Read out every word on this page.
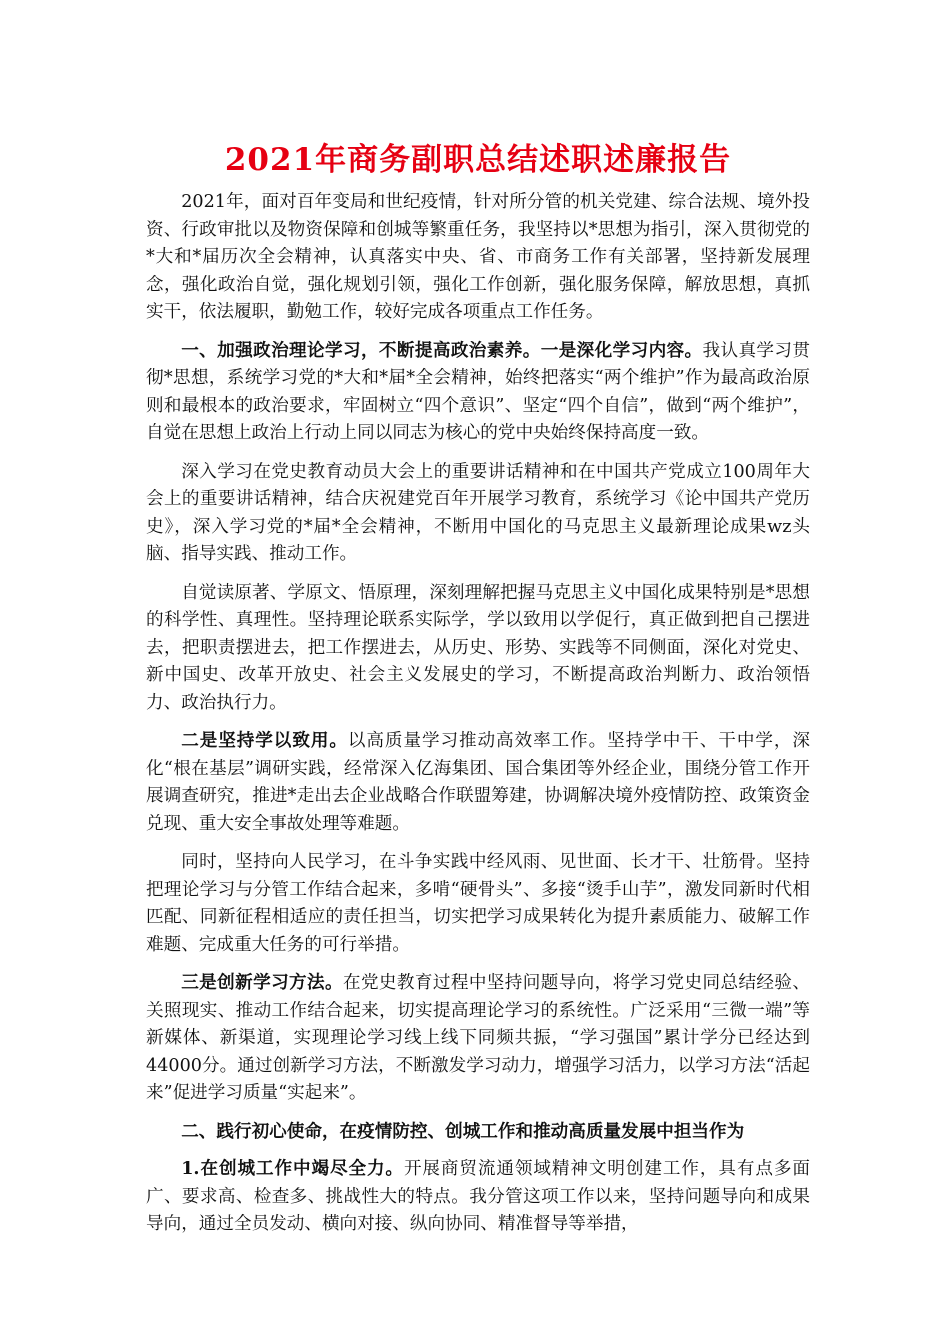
2021年商务副职总结述职述廉报告

2021年，面对百年变局和世纪疫情，针对所分管的机关党建、综合法规、境外投资、行政审批以及物资保障和创城等繁重任务，我坚持以*思想为指引，深入贯彻党的*大和*届历次全会精神，认真落实中央、省、市商务工作有关部署，坚持新发展理念，强化政治自觉，强化规划引领，强化工作创新，强化服务保障，解放思想，真抓实干，依法履职，勤勉工作，较好完成各项重点工作任务。

一、加强政治理论学习，不断提高政治素养。一是深化学习内容。我认真学习贯彻*思想，系统学习党的*大和*届*全会精神，始终把落实“两个维护”作为最高政治原则和最根本的政治要求，牢固树立“四个意识”、坚定“四个自信”，做到“两个维护”，自觉在思想上政治上行动上同以同志为核心的党中央始终保持高度一致。

深入学习在党史教育动员大会上的重要讲话精神和在中国共产党成立100周年大会上的重要讲话精神，结合庆祝建党百年开展学习教育，系统学习《论中国共产党历史》，深入学习党的*届*全会精神，不断用中国化的马克思主义最新理论成果wz头脑、指导实践、推动工作。

自觉读原著、学原文、悟原理，深刻理解把握马克思主义中国化成果特别是*思想的科学性、真理性。坚持理论联系实际学，学以致用以学促行，真正做到把自己摆进去，把职责摆进去，把工作摆进去，从历史、形势、实践等不同侧面，深化对党史、新中国史、改革开放史、社会主义发展史的学习，不断提高政治判断力、政治领悟力、政治执行力。

二是坚持学以致用。以高质量学习推动高效率工作。坚持学中干、干中学，深化“根在基层”调研实践，经常深入亿海集团、国合集团等外经企业，围绕分管工作开展调查研究，推进*走出去企业战略合作联盟筹建，协调解决境外疫情防控、政策资金兑现、重大安全事故处理等难题。

同时，坚持向人民学习，在斗争实践中经风雨、见世面、长才干、壮筋骨。坚持把理论学习与分管工作结合起来，多啃“硬骨头”、多接“烫手山芋”，激发同新时代相匹配、同新征程相适应的责任担当，切实把学习成果转化为提升素质能力、破解工作难题、完成重大任务的可行举措。

三是创新学习方法。在党史教育过程中坚持问题导向，将学习党史同总结经验、关照现实、推动工作结合起来，切实提高理论学习的系统性。广泛采用“三微一端”等新媒体、新渠道，实现理论学习线上线下同频共振，“学习强国”累计学分已经达到44000分。通过创新学习方法，不断激发学习动力，增强学习活力，以学习方法“活起来”促进学习质量“实起来”。

二、践行初心使命，在疫情防控、创城工作和推动高质量发展中担当作为

1.在创城工作中竭尽全力。开展商贸流通领域精神文明创建工作，具有点多面广、要求高、检查多、挑战性大的特点。我分管这项工作以来，坚持问题导向和成果导向，通过全员发动、横向对接、纵向协同、精准督导等举措，
